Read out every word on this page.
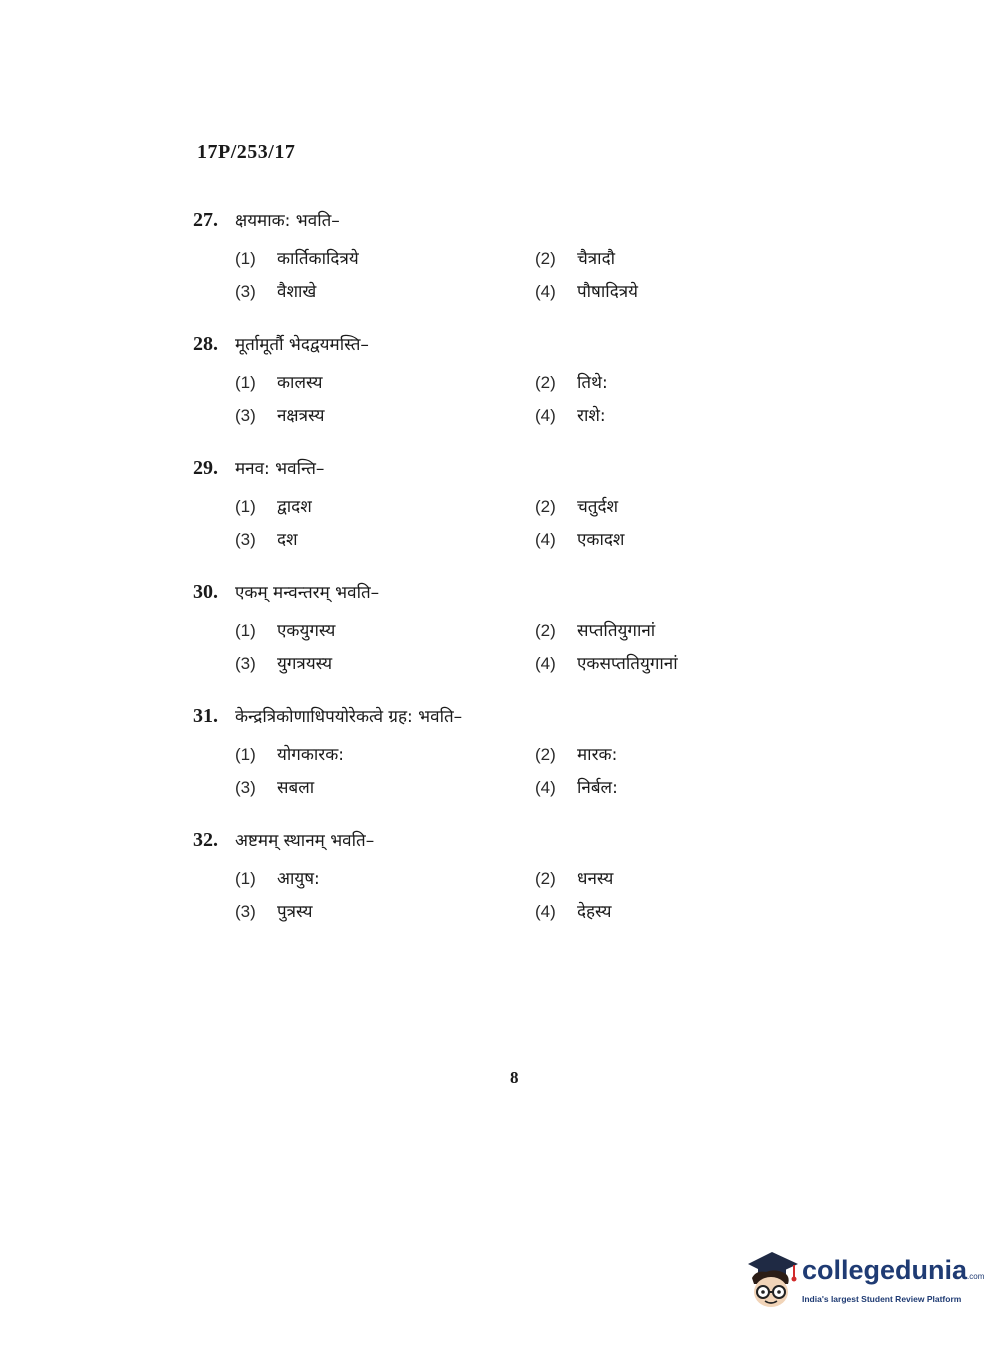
17P/253/17
27.	क्षयमाक: भवति–
(1)	कार्तिकादित्रये	(2)	चैत्रादौ
(3)	वैशाखे	(4)	पौषादित्रये
28.	मूर्तामूर्तौ भेदद्वयमस्ति–
(1)	कालस्य	(2)	तिथे:
(3)	नक्षत्रस्य	(4)	राशे:
29.	मनव: भवन्ति–
(1)	द्वादश	(2)	चतुर्दश
(3)	दश	(4)	एकादश
30.	एकम् मन्वन्तरम् भवति–
(1)	एकयुगस्य	(2)	सप्ततियुगानां
(3)	युगत्रयस्य	(4)	एकसप्ततियुगानां
31.	केन्द्रत्रिकोणाधिपयोरेकत्वे ग्रह: भवति–
(1)	योगकारक:	(2)	मारक:
(3)	सबला	(4)	निर्बल:
32.	अष्टमम् स्थानम् भवति–
(1)	आयुष:	(2)	धनस्य
(3)	पुत्रस्य	(4)	देहस्य
8
collegedunia.com
India's largest Student Review Platform
